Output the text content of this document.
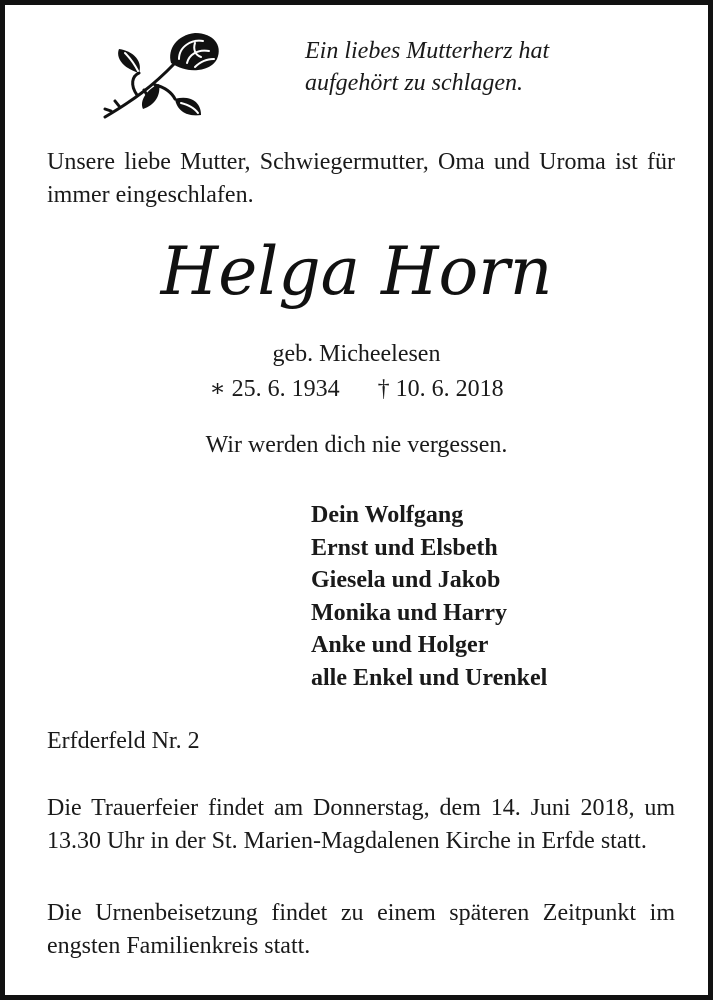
Ein liebes Mutterherz hat
aufgehört zu schlagen.
Unsere liebe Mutter, Schwiegermutter, Oma und Uroma ist für immer eingeschlafen.
Helga Horn
geb. Micheelesen
∗ 25. 6. 1934 † 10. 6. 2018
Wir werden dich nie vergessen.
Dein Wolfgang
Ernst und Elsbeth
Giesela und Jakob
Monika und Harry
Anke und Holger
alle Enkel und Urenkel
Erfderfeld Nr. 2
Die Trauerfeier findet am Donnerstag, dem 14. Juni 2018, um 13.30 Uhr in der St. Marien-Magdalenen Kirche in Erfde statt.
Die Urnenbeisetzung findet zu einem späteren Zeitpunkt im engsten Familienkreis statt.
